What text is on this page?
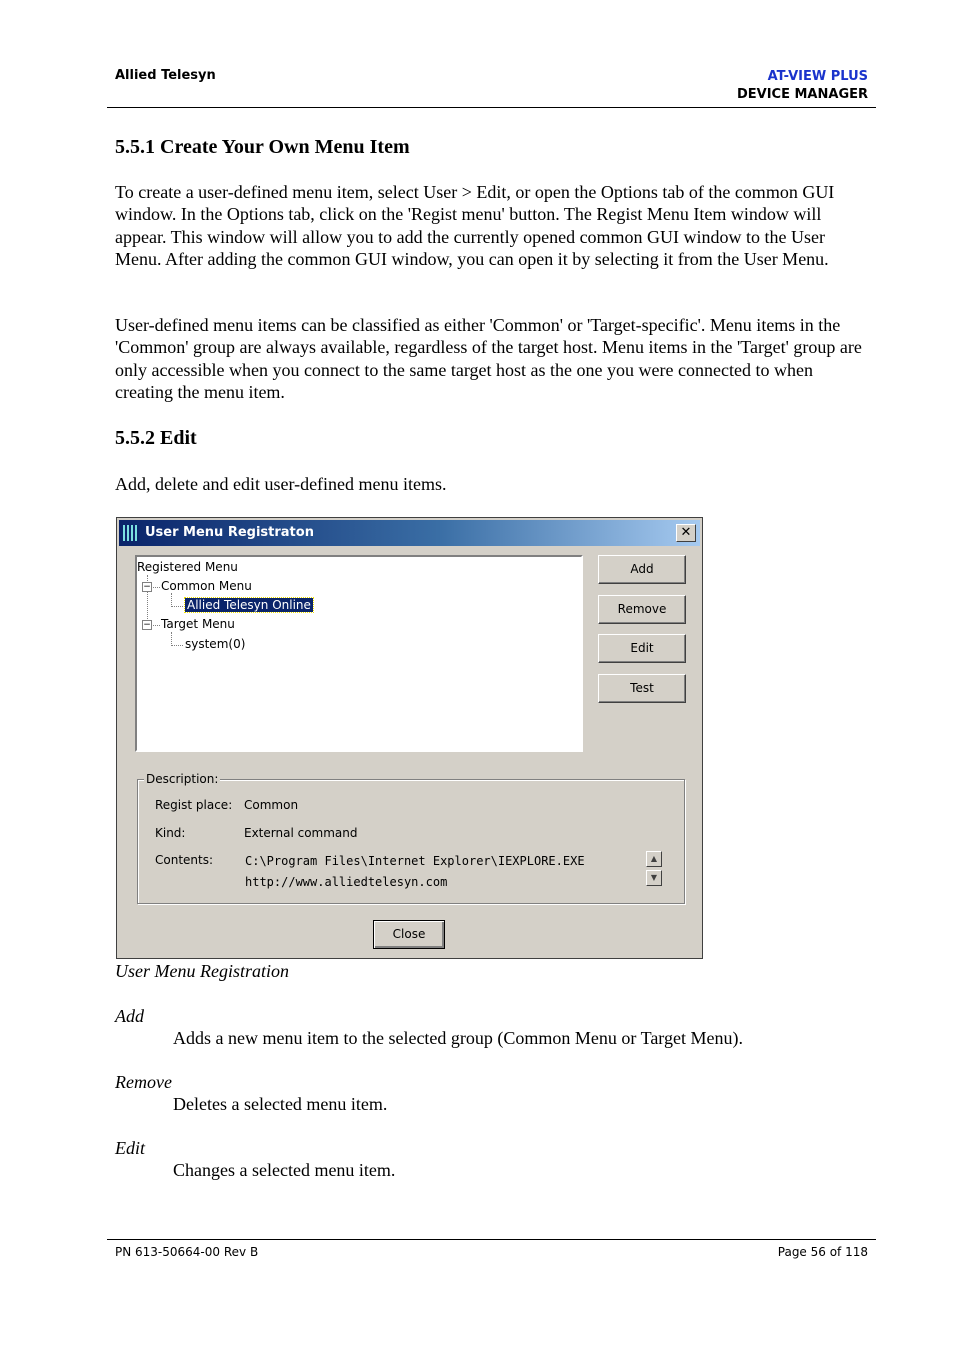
Allied Telesyn	AT-VIEW PLUS
DEVICE MANAGER
5.5.1 Create Your Own Menu Item

To create a user-defined menu item, select User > Edit, or open the Options tab of the common GUI window. In the Options tab, click on the 'Regist menu' button. The Regist Menu Item window will appear. This window will allow you to add the currently opened common GUI window to the User Menu. After adding the common GUI window, you can open it by selecting it from the User Menu.

User-defined menu items can be classified as either 'Common' or 'Target-specific'. Menu items in the 'Common' group are always available, regardless of the target host. Menu items in the 'Target' group are only accessible when you connect to the same target host as the one you were connected to when creating the menu item.

5.5.2 Edit

Add, delete and edit user-defined menu items.

User Menu Registraton	✕
Registered Menu
− Common Menu
Allied Telesyn Online
− Target Menu
system(0)
Add
Remove
Edit
Test
Description:
Regist place: Common
Kind:	External command
Contents:	C:\Program Files\Internet Explorer\IEXPLORE.EXE
http://www.alliedtelesyn.com
▲
▼
Close
User Menu Registration
Add
Adds a new menu item to the selected group (Common Menu or Target Menu).
Remove
Deletes a selected menu item.
Edit
Changes a selected menu item.
PN 613-50664-00 Rev B	Page 56 of 118
